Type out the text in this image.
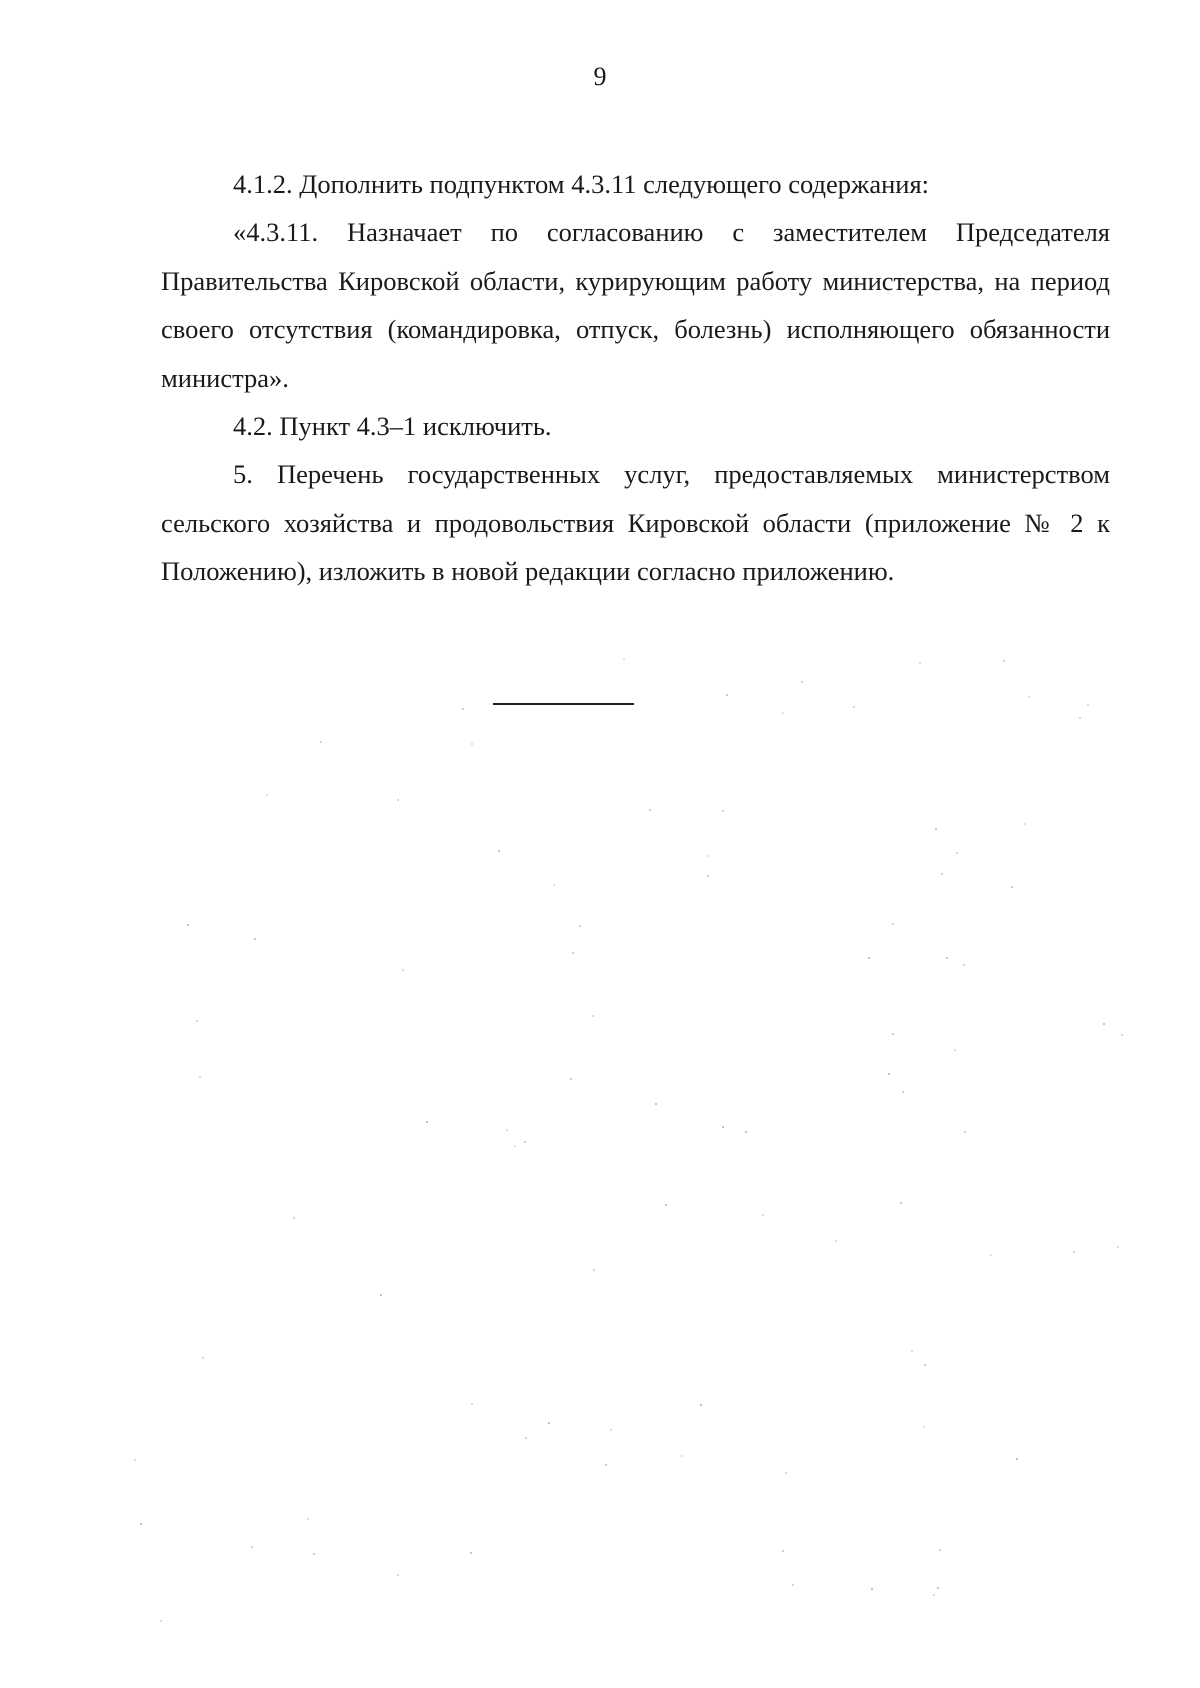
9

4.1.2. Дополнить подпунктом 4.3.11 следующего содержания:

«4.3.11. Назначает по согласованию с заместителем Председателя Правительства Кировской области, курирующим работу министерства, на период своего отсутствия (командировка, отпуск, болезнь) исполняющего обязанности министра».

4.2. Пункт 4.3–1 исключить.

5. Перечень государственных услуг, предоставляемых министерством сельского хозяйства и продовольствия Кировской области (приложение № 2 к Положению), изложить в новой редакции согласно приложению.
